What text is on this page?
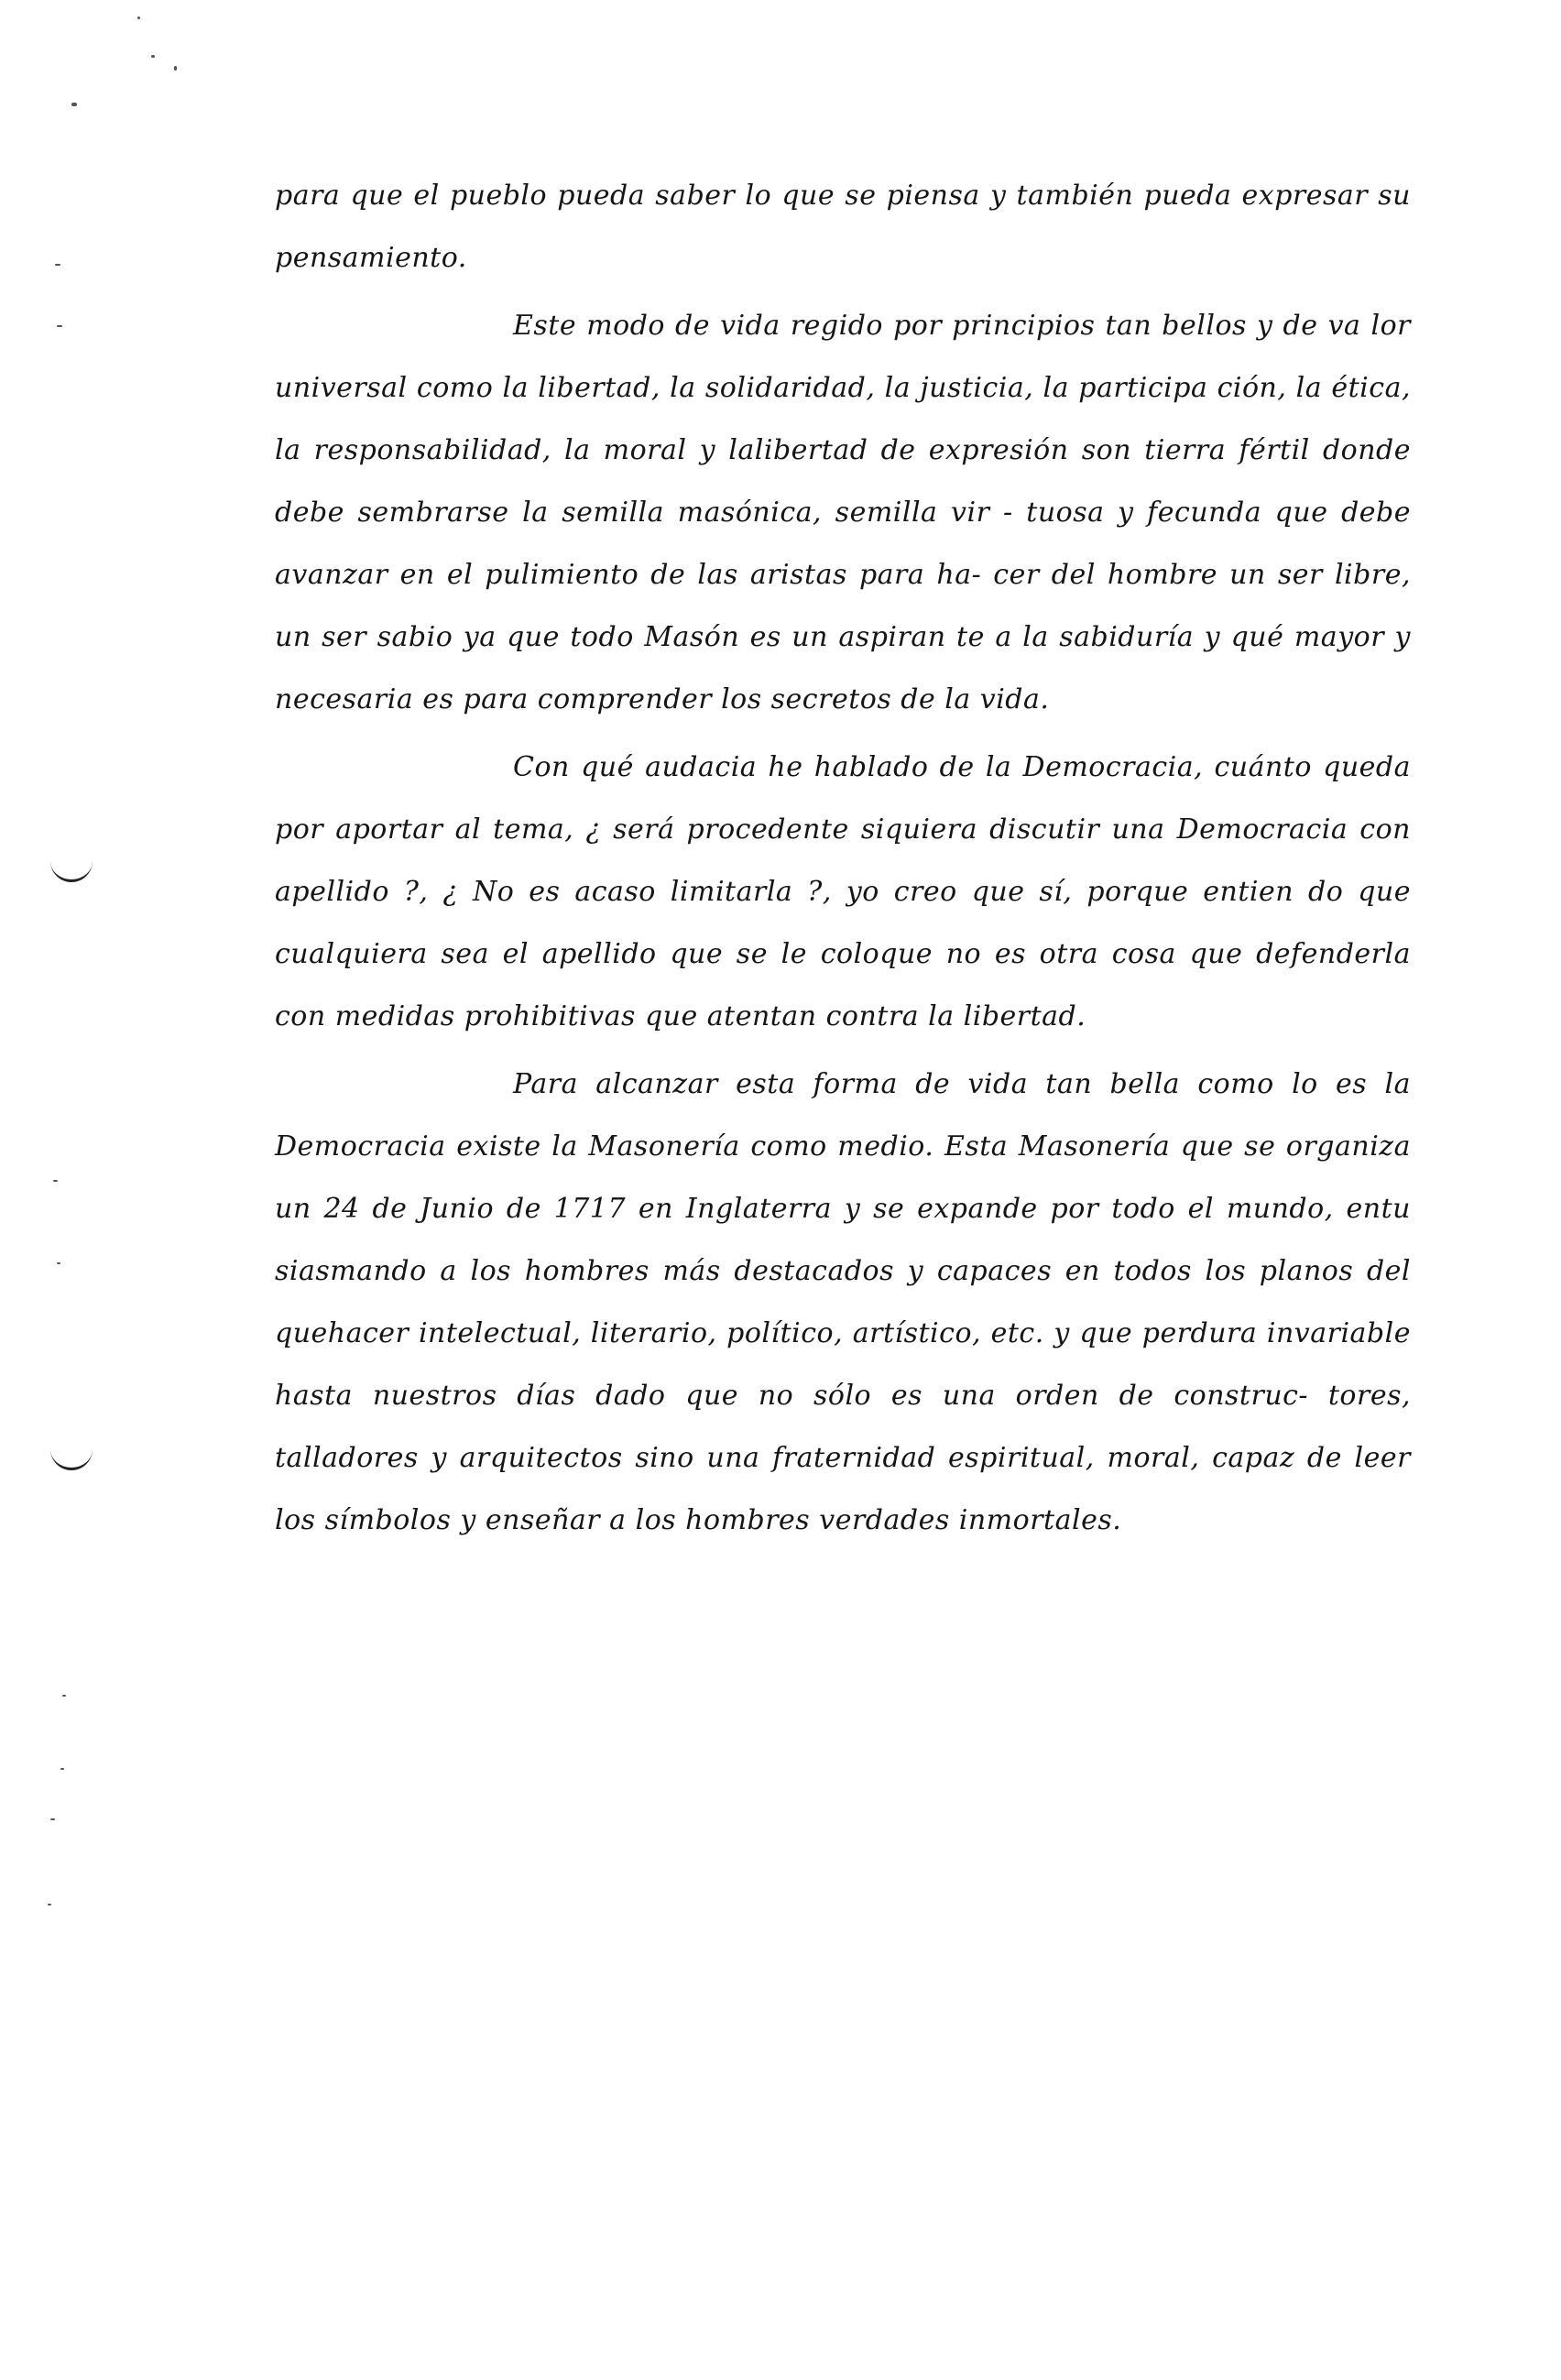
para que el pueblo pueda saber lo que se piensa y también pueda expresar su pensamiento.

Este modo de vida regido por principios tan bellos y de va lor universal como la libertad, la solidaridad, la justicia, la participa ción, la ética, la responsabilidad, la moral y lalibertad de expresión son tierra fértil donde debe sembrarse la semilla masónica, semilla vir - tuosa y fecunda que debe avanzar en el pulimiento de las aristas para ha- cer del hombre un ser libre, un ser sabio ya que todo Masón es un aspiran te a la sabiduría y qué mayor y necesaria es para comprender los secretos de la vida.

Con qué audacia he hablado de la Democracia, cuánto queda por aportar al tema, ¿ será procedente siquiera discutir una Democracia con apellido ?, ¿ No es acaso limitarla ?, yo creo que sí, porque entien do que cualquiera sea el apellido que se le coloque no es otra cosa que defenderla con medidas prohibitivas que atentan contra la libertad.

Para alcanzar esta forma de vida tan bella como lo es la Democracia existe la Masonería como medio. Esta Masonería que se organiza un 24 de Junio de 1717 en Inglaterra y se expande por todo el mundo, entu siasmando a los hombres más destacados y capaces en todos los planos del quehacer intelectual, literario, político, artístico, etc. y que perdura invariable hasta nuestros días dado que no sólo es una orden de construc- tores, talladores y arquitectos sino una fraternidad espiritual, moral, capaz de leer los símbolos y enseñar a los hombres verdades inmortales.
